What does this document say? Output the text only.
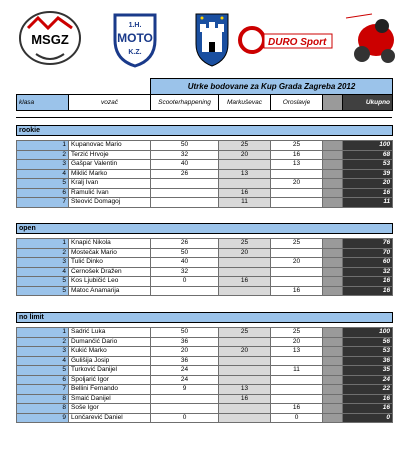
MSGZ
1.H.
MOTO
K.Z.
DURO Sport
		Utrke bodovane za Kup Grada Zagreba 2012				
klasa	vozač	Scooterhappening	Markuševac	Oroslavje		Ukupno
rookie						

1	Kupanovac Mario	50	25	25		100
2	Terzić Hrvoje	32	20	16		68
3	Gašpar Valentin	40		13		53
4	Miklić Marko	26	13			39
5	Kralj Ivan			20		20
6	Ramulić Ivan		16			16
7	Šteović Domagoj		11			11
open						

1	Knapić Nikola	26	25	25		76
2	Mostečak Mario	50	20			70
3	Tulić Dinko	40		20		60
4	Černošek Dražen	32				32
5	Kos Ljubičić Leo	0	16			16
5	Matoc Anamarija			16		16
no limit						

1	Sadrić Luka	50	25	25		100
2	Dumančić Dario	36		20		56
3	Kukić Marko	20	20	13		53
4	Gulišija Josip	36				36
5	Turković Danijel	24		11		35
6	Špoljarić Igor	24				24
7	Bellini Fernando	9	13			22
8	Smaić Danijel		16			16
8	Soše Igor			16		16
9	Lončarević Daniel	0		0		0
